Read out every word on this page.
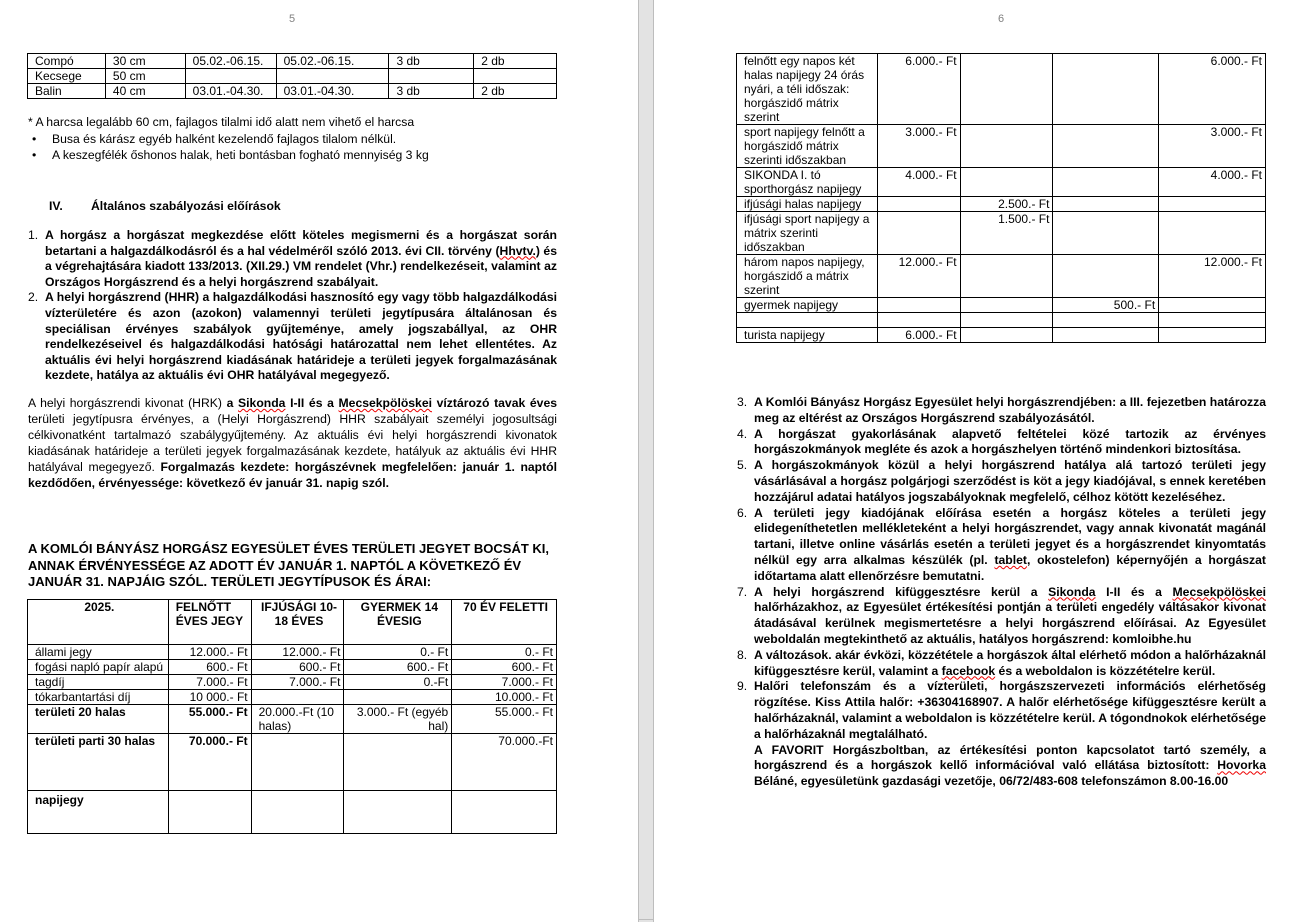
5
Compó	30 cm	05.02.-06.15.	05.02.-06.15.	3 db	2 db
Kecsege	50 cm				
Balin	40 cm	03.01.-04.30.	03.01.-04.30.	3 db	2 db
* A harcsa legalább 60 cm, fajlagos tilalmi idő alatt nem vihető el harcsa
• Busa és kárász egyéb halként kezelendő fajlagos tilalom nélkül.
• A keszegfélék őshonos halak, heti bontásban fogható mennyiség 3 kg
IV. Általános szabályozási előírások
1. A horgász a horgászat megkezdése előtt köteles megismerni és a horgászat során betartani a halgazdálkodásról és a hal védelméről szóló 2013. évi CII. törvény (Hhvtv.) és a végrehajtására kiadott 133/2013. (XII.29.) VM rendelet (Vhr.) rendelkezéseit, valamint az Országos Horgászrend és a helyi horgászrend szabályait.
2. A helyi horgászrend (HHR) a halgazdálkodási hasznosító egy vagy több halgazdálkodási vízterületére és azon (azokon) valamennyi területi jegytípusára általánosan és speciálisan érvényes szabályok gyűjteménye, amely jogszabállyal, az OHR rendelkezéseivel és halgazdálkodási hatósági határozattal nem lehet ellentétes. Az aktuális évi helyi horgászrend kiadásának határideje a területi jegyek forgalmazásának kezdete, hatálya az aktuális évi OHR hatályával megegyező.
A helyi horgászrendi kivonat (HRK) a Sikonda I-II és a Mecsekpölöskei víztározó tavak éves területi jegytípusra érvényes, a (Helyi Horgászrend) HHR szabályait személyi jogosultsági célkivonatként tartalmazó szabálygyűjtemény. Az aktuális évi helyi horgászrendi kivonatok kiadásának határideje a területi jegyek forgalmazásának kezdete, hatályuk az aktuális évi HHR hatályával megegyező. Forgalmazás kezdete: horgászévnek megfelelően: január 1. naptól kezdődően, érvényessége: következő év január 31. napig szól.
A KOMLÓI BÁNYÁSZ HORGÁSZ EGYESÜLET ÉVES TERÜLETI JEGYET BOCSÁT KI, ANNAK ÉRVÉNYESSÉGE AZ ADOTT ÉV JANUÁR 1. NAPTÓL A KÖVETKEZŐ ÉV JANUÁR 31. NAPJÁIG SZÓL. TERÜLETI JEGYTÍPUSOK ÉS ÁRAI:
2025.	FELNŐTT ÉVES JEGY	IFJÚSÁGI 10-18 ÉVES	GYERMEK 14 ÉVESIG	70 ÉV FELETTI
állami jegy	12.000.- Ft	12.000.- Ft	0.- Ft	0.- Ft
fogási napló papír alapú	600.- Ft	600.- Ft	600.- Ft	600.- Ft
tagdíj	7.000.- Ft	7.000.- Ft	0.-Ft	7.000.- Ft
tókarbantartási díj	10 000.- Ft			10.000.- Ft
területi 20 halas	55.000.- Ft	20.000.-Ft (10 halas)	3.000.- Ft (egyéb hal)	55.000.- Ft
területi parti 30 halas	70.000.- Ft			70.000.-Ft
napijegy				
6
felnőtt egy napos két halas napijegy 24 órás nyári, a téli időszak: horgászidő mátrix szerint	6.000.- Ft			6.000.- Ft
sport napijegy felnőtt a horgászidő mátrix szerinti időszakban	3.000.- Ft			3.000.- Ft
SIKONDA I. tó sporthorgász napijegy	4.000.- Ft			4.000.- Ft
ifjúsági halas napijegy		2.500.- Ft		
ifjúsági sport napijegy a mátrix szerinti időszakban		1.500.- Ft		
három napos napijegy, horgászidő a mátrix szerint	12.000.- Ft			12.000.- Ft
gyermek napijegy			500.- Ft	

turista napijegy	6.000.- Ft			
3. A Komlói Bányász Horgász Egyesület helyi horgászrendjében: a III. fejezetben határozza meg az eltérést az Országos Horgászrend szabályozásától.
4. A horgászat gyakorlásának alapvető feltételei közé tartozik az érvényes horgászokmányok megléte és azok a horgászhelyen történő mindenkori biztosítása.
5. A horgászokmányok közül a helyi horgászrend hatálya alá tartozó területi jegy vásárlásával a horgász polgárjogi szerződést is köt a jegy kiadójával, s ennek keretében hozzájárul adatai hatályos jogszabályoknak megfelelő, célhoz kötött kezeléséhez.
6. A területi jegy kiadójának előírása esetén a horgász köteles a területi jegy elidegeníthetetlen mellékleteként a helyi horgászrendet, vagy annak kivonatát magánál tartani, illetve online vásárlás esetén a területi jegyet és a horgászrendet kinyomtatás nélkül egy arra alkalmas készülék (pl. tablet, okostelefon) képernyőjén a horgászat időtartama alatt ellenőrzésre bemutatni.
7. A helyi horgászrend kifüggesztésre kerül a Sikonda I-II és a Mecsekpölöskei halőrházakhoz, az Egyesület értékesítési pontján a területi engedély váltásakor kivonat átadásával kerülnek megismertetésre a helyi horgászrend előírásai. Az Egyesület weboldalán megtekinthető az aktuális, hatályos horgászrend: komloibhe.hu
8. A változások. akár évközi, közzététele a horgászok által elérhető módon a halőrházaknál kifüggesztésre kerül, valamint a facebook és a weboldalon is közzétételre kerül.
9. Halőri telefonszám és a vízterületi, horgászszervezeti információs elérhetőség rögzítése. Kiss Attila halőr: +36304168907. A halőr elérhetősége kifüggesztésre került a halőrházaknál, valamint a weboldalon is közzétételre kerül. A tógondnokok elérhetősége a halőrházaknál megtalálható.
A FAVORIT Horgászboltban, az értékesítési ponton kapcsolatot tartó személy, a horgászrend és a horgászok kellő információval való ellátása biztosított: Hovorka Béláné, egyesületünk gazdasági vezetője, 06/72/483-608 telefonszámon 8.00-16.00
